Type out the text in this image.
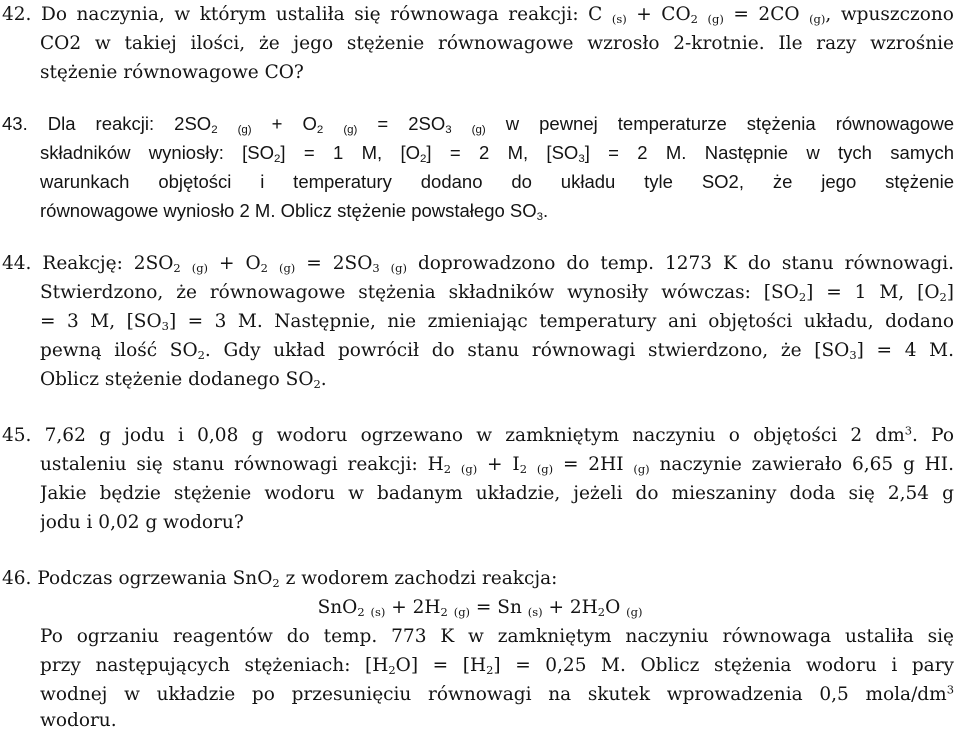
42. Do naczynia, w którym ustaliła się równowaga reakcji: C $_{(s)} + CO_2$ $_{(g)}$ = 2CO $_{(g)}$, wpuszczono
CO2 w takiej ilości, że jego stężenie równowagowe wzrosło 2-krotnie. Ile razy wzrośnie
stężenie równowagowe CO?
43. Dla reakcji: $2SO_2$ $_{(g)} + O_2$ $_{(g)} = 2SO_3$ $_{(g)}$ w pewnej temperaturze stężenia równowagowe
składników wyniosły: $[SO_2] = 1$ M, $[O_2] = 2$ M, $[SO_3] = 2$ M. Następnie w tych samych
warunkach objętości i temperatury dodano do układu tyle SO2, że jego stężenie
równowagowe wyniosło 2 M. Oblicz stężenie powstałego $SO_3$.
44. Reakcję: $2SO_2$ $_{(g)} + O_2$ $_{(g)} = 2SO_3$ $_{(g)}$ doprowadzono do temp. 1273 K do stanu równowagi.
Stwierdzono, że równowagowe stężenia składników wynosiły wówczas: $[SO_2] = 1$ M, $[O_2]$
= 3 M, $[SO_3] = 3$ M. Następnie, nie zmieniając temperatury ani objętości układu, dodano
pewną ilość $SO_2$. Gdy układ powrócił do stanu równowagi stwierdzono, że $[SO_3] = 4$ M.
Oblicz stężenie dodanego $SO_2$.
45. 7,62 g jodu i 0,08 g wodoru ogrzewano w zamkniętym naczyniu o objętości 2 $dm^3$. Po
ustaleniu się stanu równowagi reakcji: $H_2$ $_{(g)} + I_2$ $_{(g)}$ = 2HI $_{(g)}$ naczynie zawierało 6,65 g HI.
Jakie będzie stężenie wodoru w badanym układzie, jeżeli do mieszaniny doda się 2,54 g
jodu i 0,02 g wodoru?
46. Podczas ogrzewania SnO$_2$ z wodorem zachodzi reakcja:
SnO$_2$ $_{(s)} + 2H_2$ $_{(g)}$ = Sn $_{(s)} + 2H_2O$ $_{(g)}$
Po ogrzaniu reagentów do temp. 773 K w zamkniętym naczyniu równowaga ustaliła się
przy następujących stężeniach: $[H_2O] = [H_2] = 0,25$ M. Oblicz stężenia wodoru i pary
wodnej w układzie po przesunięciu równowagi na skutek wprowadzenia 0,5 mola/$dm^3$
wodoru.
